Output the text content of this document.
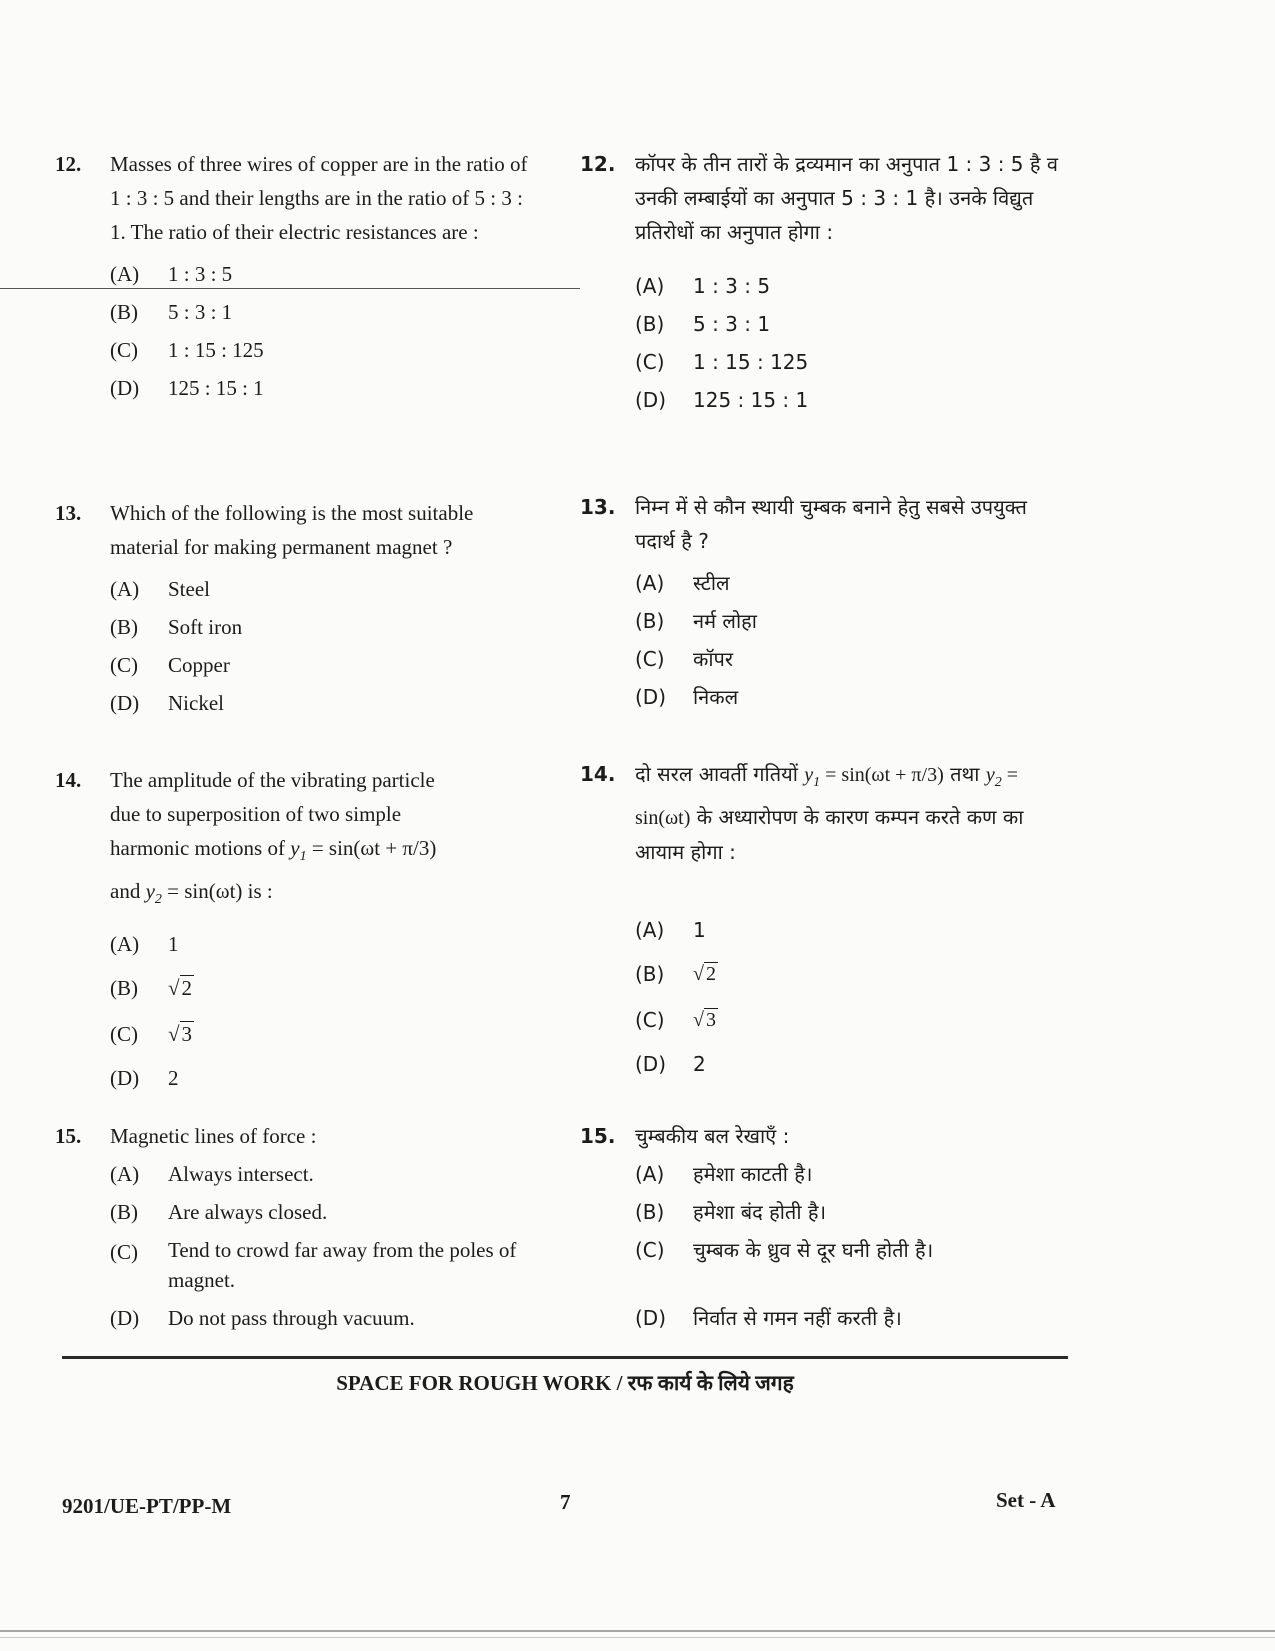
12. Masses of three wires of copper are in the ratio of 1 : 3 : 5 and their lengths are in the ratio of 5 : 3 : 1. The ratio of their electric resistances are :
(A)	1 : 3 : 5
(B)	5 : 3 : 1
(C)	1 : 15 : 125
(D)	125 : 15 : 1
13. Which of the following is the most suitable material for making permanent magnet ?
(A)	Steel
(B)	Soft iron
(C)	Copper
(D)	Nickel
14. The amplitude of the vibrating particle
due to superposition of two simple
harmonic motions of $y_1 = \sin(\omega t + \pi/3)$
and $y_2 = \sin(\omega t)$ is :
(A)	1
(B)	√2
(C)	√3
(D)	2
15. Magnetic lines of force :
(A)	Always intersect.
(B)	Are always closed.
(C)	Tend to crowd far away from the poles of magnet.
(D)	Do not pass through vacuum.
12. कॉपर के तीन तारों के द्रव्यमान का अनुपात 1 : 3 : 5 है व उनकी लम्बाईयों का अनुपात 5 : 3 : 1 है। उनके विद्युत प्रतिरोधों का अनुपात होगा :
(A)	1 : 3 : 5
(B)	5 : 3 : 1
(C)	1 : 15 : 125
(D)	125 : 15 : 1
13. निम्न में से कौन स्थायी चुम्बक बनाने हेतु सबसे उपयुक्त पदार्थ है ?
(A)	स्टील
(B)	नर्म लोहा
(C)	कॉपर
(D)	निकल
14. दो सरल आवर्ती गतियों $y_1 = \sin(\omega t + \pi/3)$ तथा $y_2 = \sin(\omega t)$ के अध्यारोपण के कारण कम्पन करते कण का आयाम होगा :
(A)	1
(B)	√ 2
(C)	√ 3
(D)	2
15. चुम्बकीय बल रेखाएँ :
(A)	हमेशा काटती है।
(B)	हमेशा बंद होती है।
(C)	चुम्बक के ध्रुव से दूर घनी होती है।
(D)	निर्वात से गमन नहीं करती है।
SPACE FOR ROUGH WORK / रफ कार्य के लिये जगह
9201/UE-PT/PP-M	7	Set - A
